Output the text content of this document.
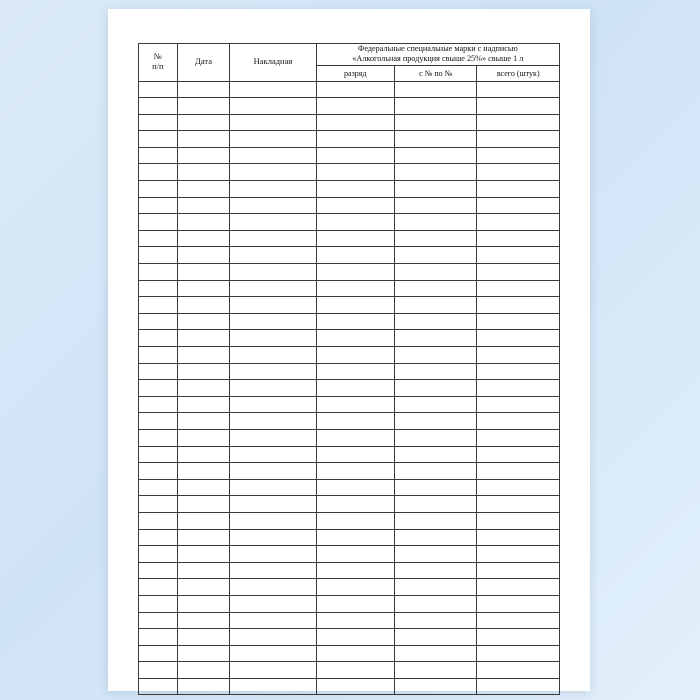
№
п/п	Дата	Накладная	Федеральные специальные марки с надписью
«Алкогольная продукция свыше 25%» свыше 1 л		
			разряд	с № по №	всего (штук)
